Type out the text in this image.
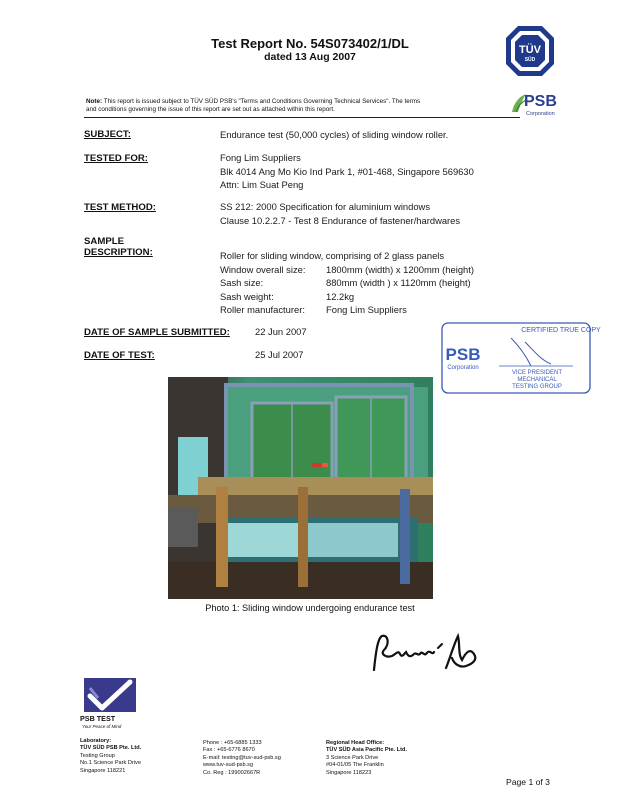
Test Report No. 54S073402/1/DL
dated 13 Aug 2007
TÜV
SÜD
PSB
Corporation
Note: This report is issued subject to TÜV SÜD PSB's "Terms and Conditions Governing Technical Services". The terms
and conditions governing the issue of this report are set out as attached within this report.
SUBJECT:	Endurance test (50,000 cycles) of sliding window roller.
TESTED FOR:	Fong Lim Suppliers
Blk 4014 Ang Mo Kio Ind Park 1, #01-468, Singapore 569630
Attn: Lim Suat Peng
TEST METHOD:	SS 212: 2000 Specification for aluminium windows
Clause 10.2.2.7 - Test 8 Endurance of fastener/hardwares
SAMPLE
DESCRIPTION:	Roller for sliding window, comprising of 2 glass panels
Window overall size: 1800mm (width) x 1200mm (height)
Sash size:	880mm (width ) x 1120mm (height)
Sash weight:	12.2kg
Roller manufacturer: Fong Lim Suppliers
DATE OF SAMPLE SUBMITTED:	22 Jun 2007
DATE OF TEST:	25 Jul 2007
CERTIFIED TRUE COPY
PSB
Corporation
VICE PRESIDENT
MECHANICAL
TESTING GROUP
Photo 1: Sliding window undergoing endurance test
PSB TEST
Your Peace of Mind
Laboratory:
TÜV SÜD PSB Pte. Ltd.
Testing Group
No.1 Science Park Drive
Singapore 118221
Phone : +65-6885 1333
Fax : +65-6776 8670
E-mail: testing@tuv-sud-psb.sg
www.tuv-sud-psb.sg
Co. Reg : 199002667R
Regional Head Office:
TÜV SÜD Asia Pacific Pte. Ltd.
3 Science Park Drive
#04-01/05 The Franklin
Singapore 118223
Page 1 of 3
